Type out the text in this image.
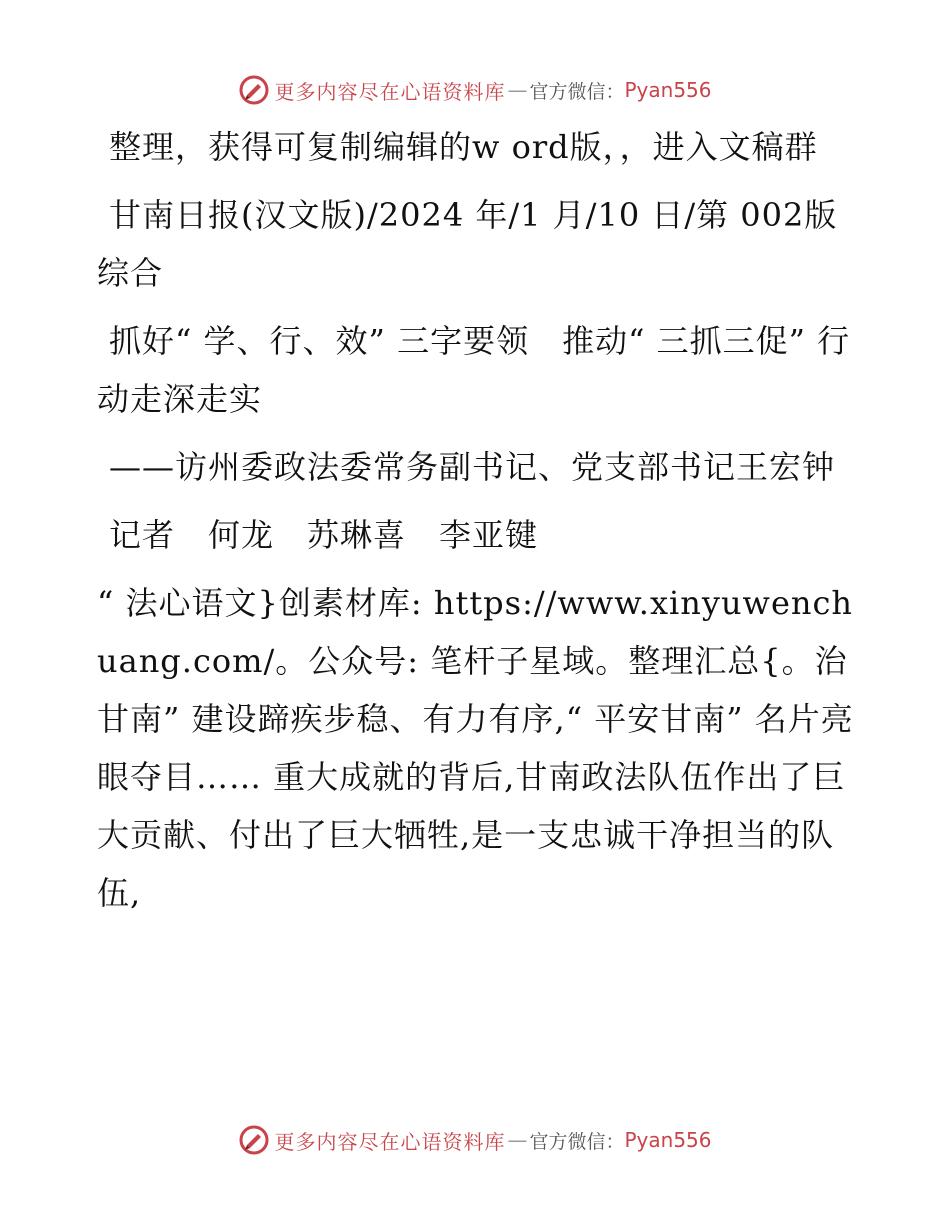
更多内容尽在心语资料库 — 官方微信： Pyan556

整理，获得可复制编辑的w ord版，，进入文稿群

甘南日报(汉文版)/2024 年/1 月/10 日/第 002版综合

抓好“ 学、行、效” 三字要领　推动“ 三抓三促” 行动走深走实

——访州委政法委常务副书记、党支部书记王宏钟

记者　何龙　苏琳喜　李亚键

“ 法心语文}创素材库: https://www.xinyuwenchuang.com/。公众号: 笔杆子星域。整理汇总{。治甘南” 建设蹄疾步稳、有力有序,“ 平安甘南” 名片亮眼夺目…… 重大成就的背后,甘南政法队伍作出了巨大贡献、付出了巨大牺牲,是一支忠诚干净担当的队伍,

更多内容尽在心语资料库 — 官方微信： Pyan556
